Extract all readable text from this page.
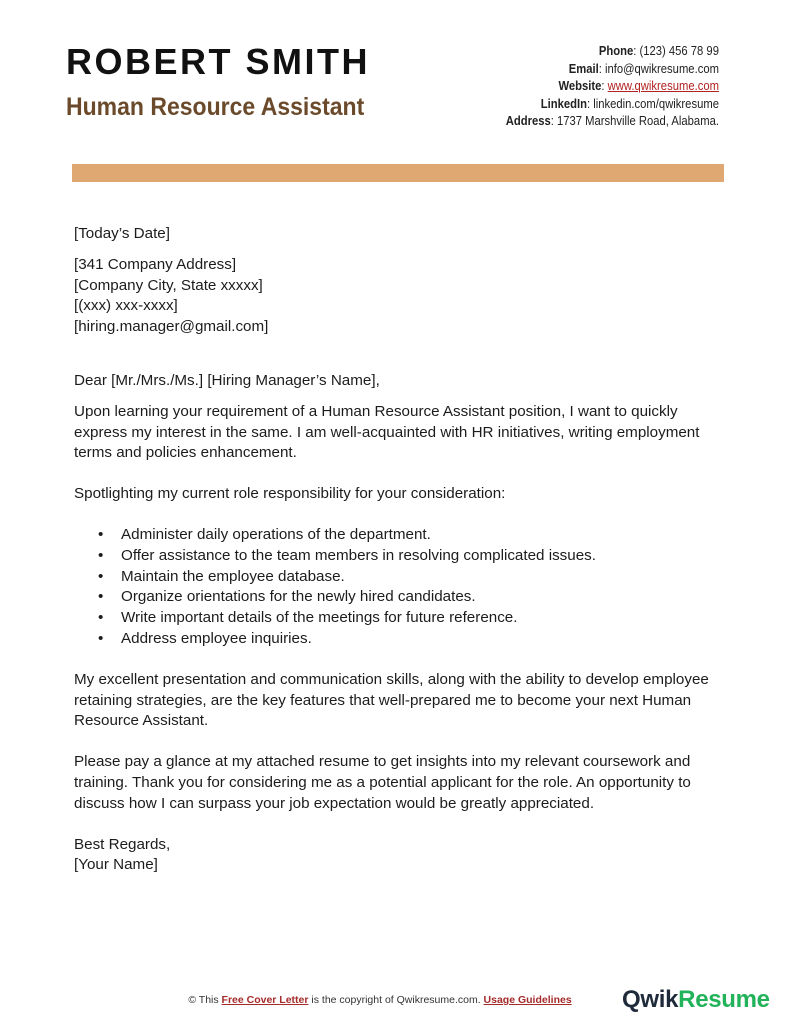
ROBERT SMITH
Human Resource Assistant
Phone: (123) 456 78 99
Email: info@qwikresume.com
Website: www.qwikresume.com
LinkedIn: linkedin.com/qwikresume
Address: 1737 Marshville Road, Alabama.

[Today’s Date]

[341 Company Address]

[Company City, State xxxxx]

[(xxx) xxx-xxxx]

[hiring.manager@gmail.com]

Dear [Mr./Mrs./Ms.] [Hiring Manager’s Name],

Upon learning your requirement of a Human Resource Assistant position, I want to quickly express my interest in the same. I am well-acquainted with HR initiatives, writing employment terms and policies enhancement.

Spotlighting my current role responsibility for your consideration:

• Administer daily operations of the department.
• Offer assistance to the team members in resolving complicated issues.
• Maintain the employee database.
• Organize orientations for the newly hired candidates.
• Write important details of the meetings for future reference.
• Address employee inquiries.

My excellent presentation and communication skills, along with the ability to develop employee retaining strategies, are the key features that well-prepared me to become your next Human Resource Assistant.

Please pay a glance at my attached resume to get insights into my relevant coursework and training. Thank you for considering me as a potential applicant for the role. An opportunity to discuss how I can surpass your job expectation would be greatly appreciated.

Best Regards,

[Your Name]

© This Free Cover Letter is the copyright of Qwikresume.com. Usage Guidelines	QwikResume
